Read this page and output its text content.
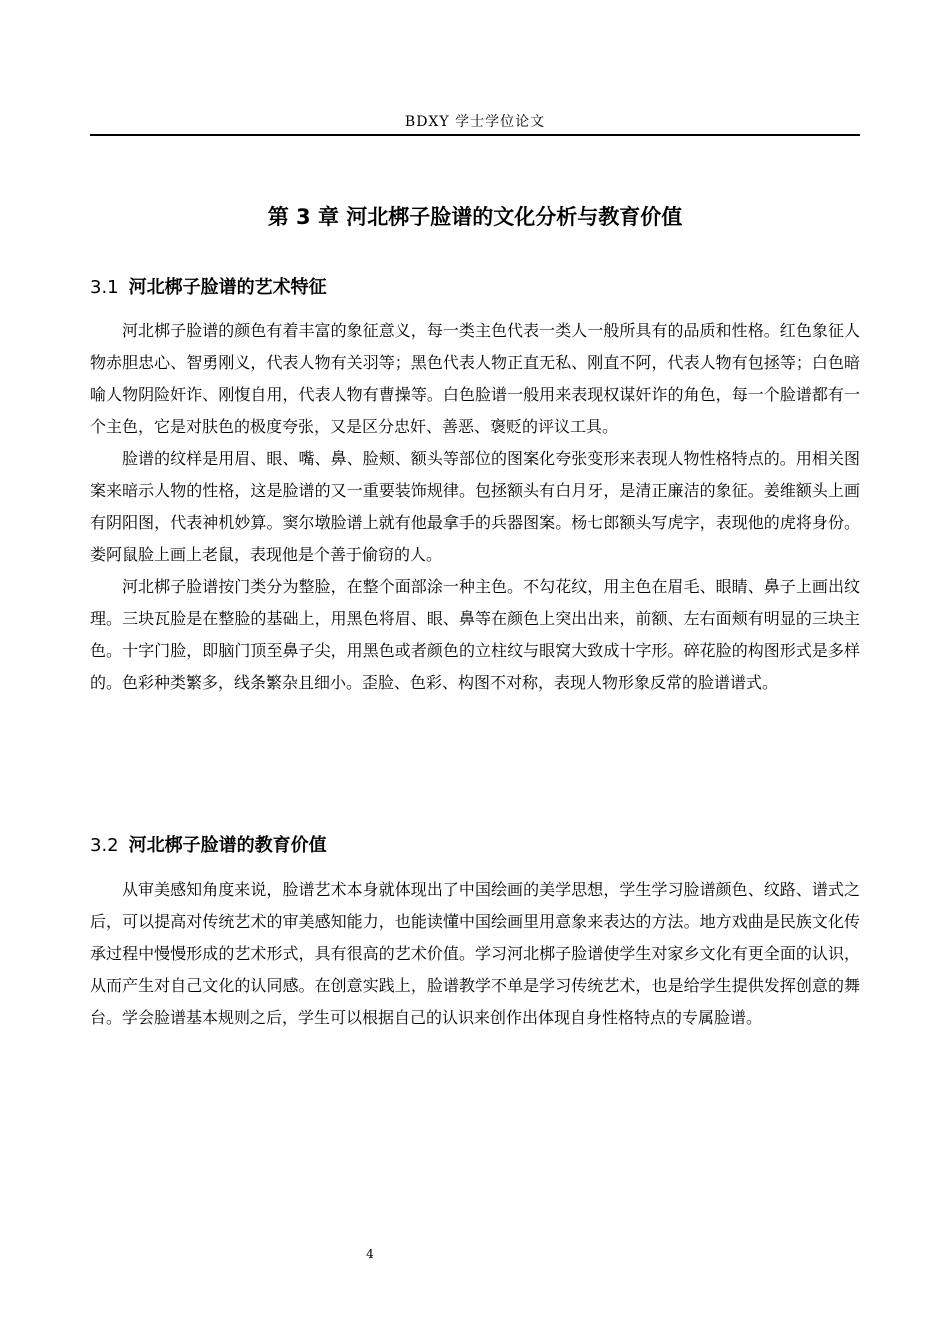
BDXY 学士学位论文
第 3 章 河北梆子脸谱的文化分析与教育价值
3.1 河北梆子脸谱的艺术特征

河北梆子脸谱的颜色有着丰富的象征意义，每一类主色代表一类人一般所具有的品质和性格。红色象征人物赤胆忠心、智勇刚义，代表人物有关羽等；黑色代表人物正直无私、刚直不阿，代表人物有包拯等；白色暗喻人物阴险奸诈、刚愎自用，代表人物有曹操等。白色脸谱一般用来表现权谋奸诈的角色，每一个脸谱都有一个主色，它是对肤色的极度夸张，又是区分忠奸、善恶、褒贬的评议工具。

脸谱的纹样是用眉、眼、嘴、鼻、脸颊、额头等部位的图案化夸张变形来表现人物性格特点的。用相关图案来暗示人物的性格，这是脸谱的又一重要装饰规律。包拯额头有白月牙，是清正廉洁的象征。姜维额头上画有阴阳图，代表神机妙算。窦尔墩脸谱上就有他最拿手的兵器图案。杨七郎额头写虎字，表现他的虎将身份。娄阿鼠脸上画上老鼠，表现他是个善于偷窃的人。

河北梆子脸谱按门类分为整脸，在整个面部涂一种主色。不勾花纹，用主色在眉毛、眼睛、鼻子上画出纹理。三块瓦脸是在整脸的基础上，用黑色将眉、眼、鼻等在颜色上突出出来，前额、左右面颊有明显的三块主色。十字门脸，即脑门顶至鼻子尖，用黑色或者颜色的立柱纹与眼窝大致成十字形。碎花脸的构图形式是多样的。色彩种类繁多，线条繁杂且细小。歪脸、色彩、构图不对称，表现人物形象反常的脸谱谱式。

3.2 河北梆子脸谱的教育价值

从审美感知角度来说，脸谱艺术本身就体现出了中国绘画的美学思想，学生学习脸谱颜色、纹路、谱式之后，可以提高对传统艺术的审美感知能力，也能读懂中国绘画里用意象来表达的方法。地方戏曲是民族文化传承过程中慢慢形成的艺术形式，具有很高的艺术价值。学习河北梆子脸谱使学生对家乡文化有更全面的认识，从而产生对自己文化的认同感。在创意实践上，脸谱教学不单是学习传统艺术，也是给学生提供发挥创意的舞台。学会脸谱基本规则之后，学生可以根据自己的认识来创作出体现自身性格特点的专属脸谱。

4
